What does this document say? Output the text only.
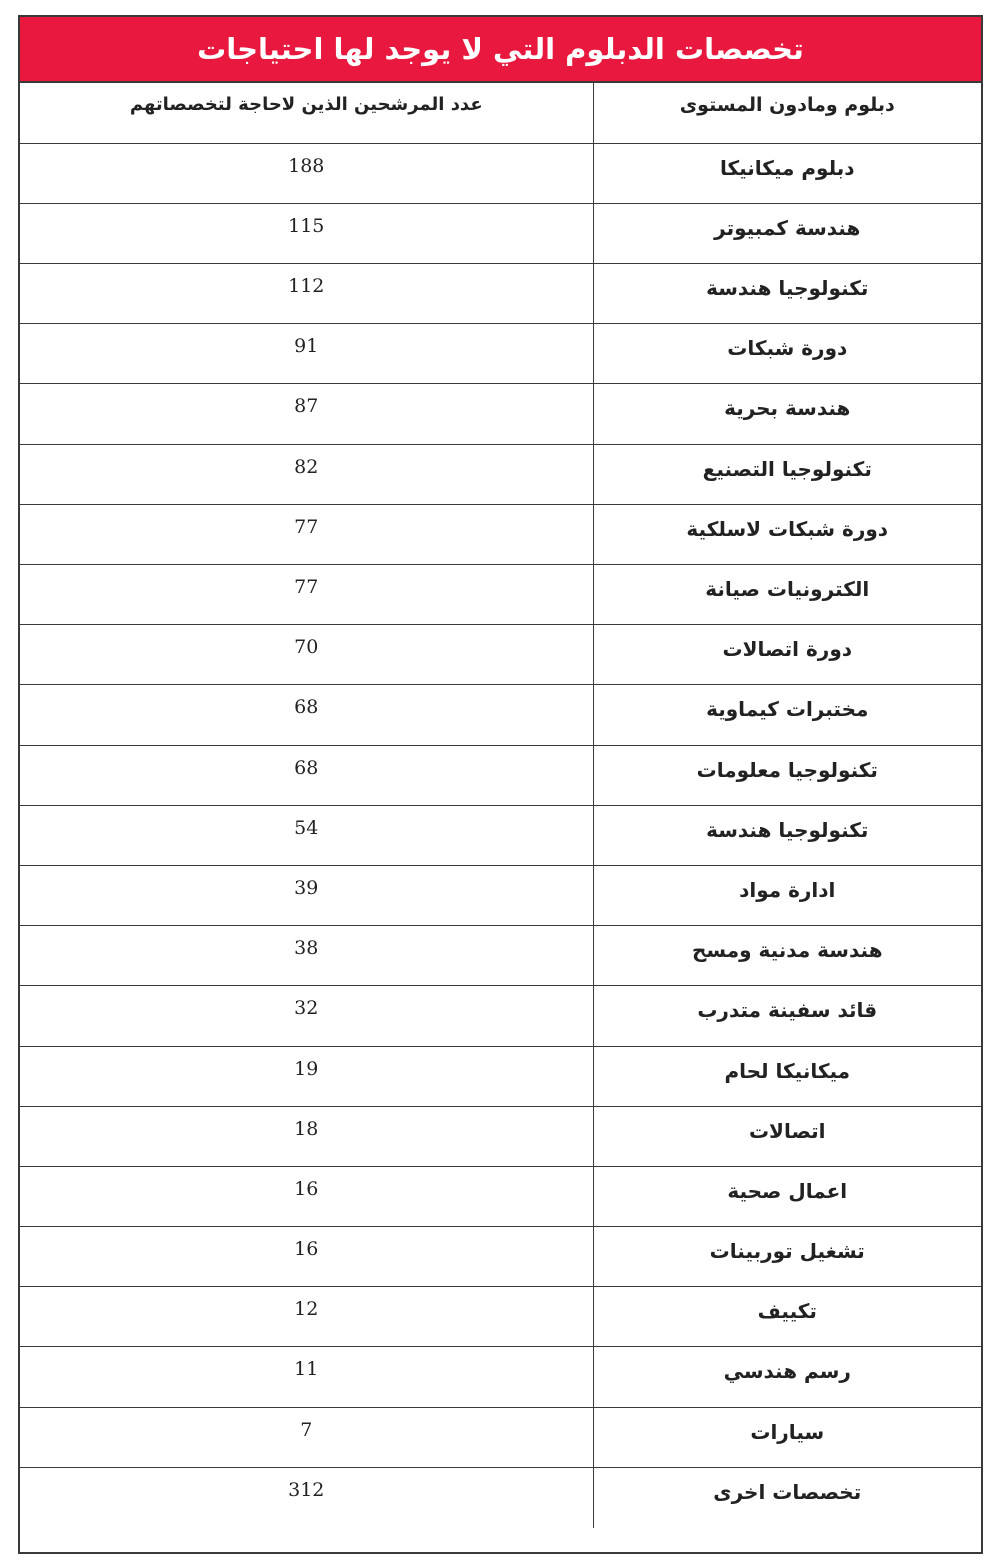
تخصصات الدبلوم التي لا يوجد لها احتياجات
عدد المرشحين الذين لاحاجة لتخصصاتهم	دبلوم ومادون المستوى
188	دبلوم ميكانيكا
115	هندسة كمبيوتر
112	تكنولوجيا هندسة
91	دورة شبكات
87	هندسة بحرية
82	تكنولوجيا التصنيع
77	دورة شبكات لاسلكية
77	الكترونيات صيانة
70	دورة اتصالات
68	مختبرات كيماوية
68	تكنولوجيا معلومات
54	تكنولوجيا هندسة
39	ادارة مواد
38	هندسة مدنية ومسح
32	قائد سفينة متدرب
19	ميكانيكا لحام
18	اتصالات
16	اعمال صحية
16	تشغيل توربينات
12	تكييف
11	رسم هندسي
7	سيارات
312	تخصصات اخرى
